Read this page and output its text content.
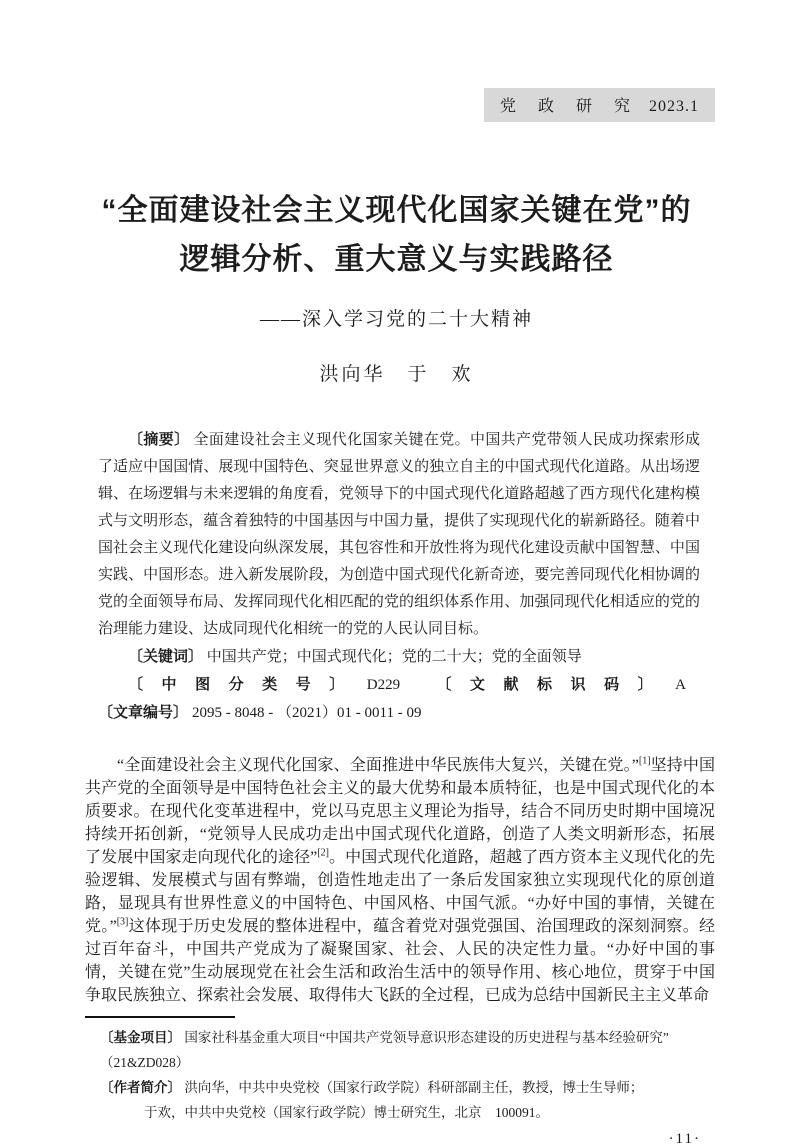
党 政 研 究 2023.1
“全面建设社会主义现代化国家关键在党”的
逻辑分析、重大意义与实践路径
——深入学习党的二十大精神
洪向华　于　欢

〔摘要〕 全面建设社会主义现代化国家关键在党。中国共产党带领人民成功探索形成了适应中国国情、展现中国特色、突显世界意义的独立自主的中国式现代化道路。从出场逻辑、在场逻辑与未来逻辑的角度看，党领导下的中国式现代化道路超越了西方现代化建构模式与文明形态，蕴含着独特的中国基因与中国力量，提供了实现现代化的崭新路径。随着中国社会主义现代化建设向纵深发展，其包容性和开放性将为现代化建设贡献中国智慧、中国实践、中国形态。进入新发展阶段，为创造中国式现代化新奇迹，要完善同现代化相协调的党的全面领导布局、发挥同现代化相匹配的党的组织体系作用、加强同现代化相适应的党的治理能力建设、达成同现代化相统一的党的人民认同目标。

〔关键词〕 中国共产党；中国式现代化；党的二十大；党的全面领导
〔中图分类号〕 D229 〔文献标识码〕 A 〔文章编号〕 2095 - 8048 - （2021）01 - 0011 - 09

“全面建设社会主义现代化国家、全面推进中华民族伟大复兴，关键在党。”[1]坚持中国共产党的全面领导是中国特色社会主义的最大优势和最本质特征，也是中国式现代化的本质要求。在现代化变革进程中，党以马克思主义理论为指导，结合不同历史时期中国境况持续开拓创新，“党领导人民成功走出中国式现代化道路，创造了人类文明新形态，拓展了发展中国家走向现代化的途径”[2]。中国式现代化道路，超越了西方资本主义现代化的先验逻辑、发展模式与固有弊端，创造性地走出了一条后发国家独立实现现代化的原创道路，显现具有世界性意义的中国特色、中国风格、中国气派。“办好中国的事情，关键在党。”[3]这体现于历史发展的整体进程中，蕴含着党对强党强国、治国理政的深刻洞察。经过百年奋斗，中国共产党成为了凝聚国家、社会、人民的决定性力量。“办好中国的事情，关键在党”生动展现党在社会生活和政治生活中的领导作用、核心地位，贯穿于中国争取民族独立、探索社会发展、取得伟大飞跃的全过程，已成为总结中国新民主主义革命

〔基金项目〕 国家社科基金重大项目“中国共产党领导意识形态建设的历史进程与基本经验研究”（21&ZD028）
〔作者简介〕 洪向华，中共中央党校（国家行政学院）科研部副主任，教授，博士生导师；
于欢，中共中央党校（国家行政学院）博士研究生，北京　100091。
·11·
